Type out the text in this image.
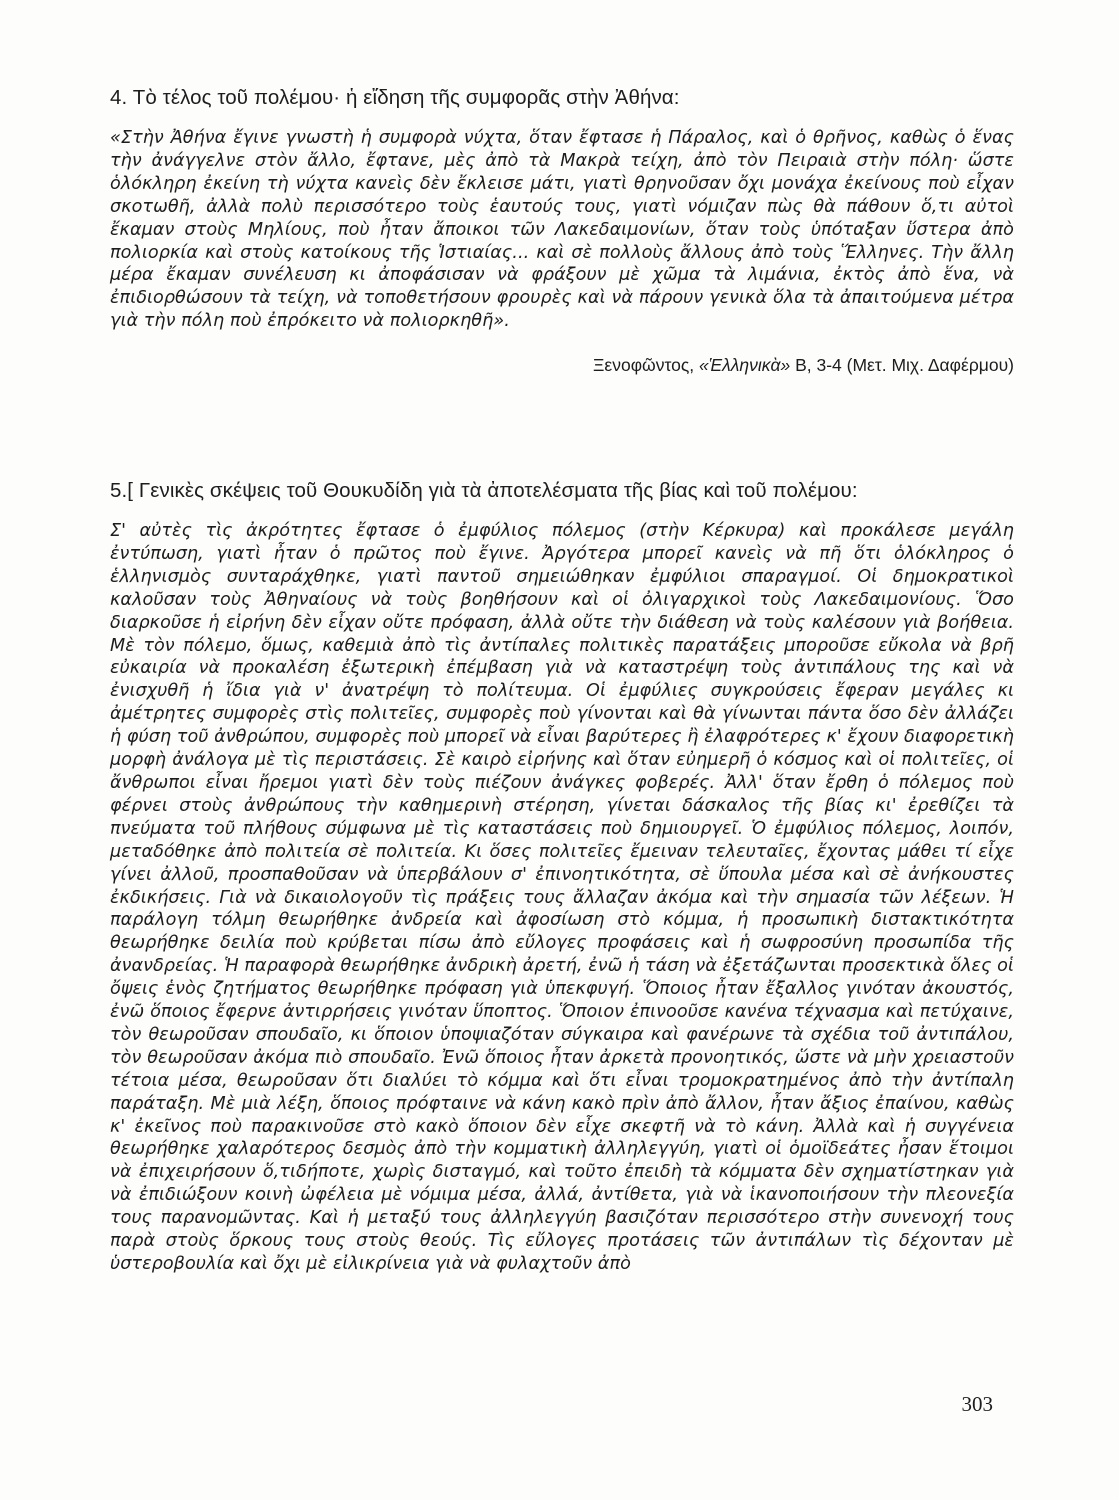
4. Τὸ τέλος τοῦ πολέμου· ἡ εἴδηση τῆς συμφορᾶς στὴν Ἀθήνα:

«Στὴν Ἀθήνα ἔγινε γνωστὴ ἡ συμφορὰ νύχτα, ὅταν ἔφτασε ἡ Πάραλος, καὶ ὁ θρῆνος, καθὼς ὁ ἕνας τὴν ἀνάγγελνε στὸν ἄλλο, ἔφτανε, μὲς ἀπὸ τὰ Μακρὰ τείχη, ἀπὸ τὸν Πειραιὰ στὴν πόλη· ὥστε ὁλόκληρη ἐκείνη τὴ νύχτα κανεὶς δὲν ἔκλεισε μάτι, γιατὶ θρηνοῦσαν ὄχι μονάχα ἐκείνους ποὺ εἶχαν σκοτωθῆ, ἀλλὰ πολὺ περισσότερο τοὺς ἑαυτούς τους, γιατὶ νόμιζαν πὼς θὰ πάθουν ὅ,τι αὐτοὶ ἔκαμαν στοὺς Μηλίους, ποὺ ἦταν ἄποικοι τῶν Λακεδαιμονίων, ὅταν τοὺς ὑπόταξαν ὕστερα ἀπὸ πολιορκία καὶ στοὺς κατοίκους τῆς Ἱστιαίας... καὶ σὲ πολλοὺς ἄλλους ἀπὸ τοὺς Ἕλληνες. Τὴν ἄλλη μέρα ἔκαμαν συνέλευση κι ἀποφάσισαν νὰ φράξουν μὲ χῶμα τὰ λιμάνια, ἐκτὸς ἀπὸ ἕνα, νὰ ἐπιδιορθώσουν τὰ τείχη, νὰ τοποθετήσουν φρουρὲς καὶ νὰ πάρουν γενικὰ ὅλα τὰ ἀπαιτούμενα μέτρα γιὰ τὴν πόλη ποὺ ἐπρόκειτο νὰ πολιορκηθῆ».

Ξενοφῶντος, «Ἑλληνικὰ» Β, 3-4 (Μετ. Μιχ. Δαφέρμου)
5.[ Γενικὲς σκέψεις τοῦ Θουκυδίδη γιὰ τὰ ἀποτελέσματα τῆς βίας καὶ τοῦ πολέμου:

Σ' αὐτὲς τὶς ἀκρότητες ἔφτασε ὁ ἐμφύλιος πόλεμος (στὴν Κέρκυρα) καὶ προκάλεσε μεγάλη ἐντύπωση, γιατὶ ἦταν ὁ πρῶτος ποὺ ἔγινε. Ἀργότερα μπορεῖ κανεὶς νὰ πῆ ὅτι ὁλόκληρος ὁ ἑλληνισμὸς συνταράχθηκε, γιατὶ παντοῦ σημειώθηκαν ἐμφύλιοι σπαραγμοί. Οἱ δημοκρατικοὶ καλοῦσαν τοὺς Ἀθηναίους νὰ τοὺς βοηθήσουν καὶ οἱ ὀλιγαρχικοὶ τοὺς Λακεδαιμονίους. Ὅσο διαρκοῦσε ἡ εἰρήνη δὲν εἶχαν οὔτε πρόφαση, ἀλλὰ οὔτε τὴν διάθεση νὰ τοὺς καλέσουν γιὰ βοήθεια. Μὲ τὸν πόλεμο, ὅμως, καθεμιὰ ἀπὸ τὶς ἀντίπαλες πολιτικὲς παρατάξεις μποροῦσε εὔκολα νὰ βρῆ εὐκαιρία νὰ προκαλέση ἐξωτερικὴ ἐπέμβαση γιὰ νὰ καταστρέψη τοὺς ἀντιπάλους της καὶ νὰ ἐνισχυθῆ ἡ ἴδια γιὰ ν' ἀνατρέψη τὸ πολίτευμα. Οἱ ἐμφύλιες συγκρούσεις ἔφεραν μεγάλες κι ἀμέτρητες συμφορὲς στὶς πολιτεῖες, συμφορὲς ποὺ γίνονται καὶ θὰ γίνωνται πάντα ὅσο δὲν ἀλλάζει ἡ φύση τοῦ ἀνθρώπου, συμφορὲς ποὺ μπορεῖ νὰ εἶναι βαρύτερες ἢ ἐλαφρότερες κ' ἔχουν διαφορετικὴ μορφὴ ἀνάλογα μὲ τὶς περιστάσεις. Σὲ καιρὸ εἰρήνης καὶ ὅταν εὐημερῆ ὁ κόσμος καὶ οἱ πολιτεῖες, οἱ ἄνθρωποι εἶναι ἤρεμοι γιατὶ δὲν τοὺς πιέζουν ἀνάγκες φοβερές. Ἀλλ' ὅταν ἔρθη ὁ πόλεμος ποὺ φέρνει στοὺς ἀνθρώπους τὴν καθημερινὴ στέρηση, γίνεται δάσκαλος τῆς βίας κι' ἐρεθίζει τὰ πνεύματα τοῦ πλήθους σύμφωνα μὲ τὶς καταστάσεις ποὺ δημιουργεῖ. Ὁ ἐμφύλιος πόλεμος, λοιπόν, μεταδόθηκε ἀπὸ πολιτεία σὲ πολιτεία. Κι ὅσες πολιτεῖες ἔμειναν τελευταῖες, ἔχοντας μάθει τί εἶχε γίνει ἀλλοῦ, προσπαθοῦσαν νὰ ὑπερβάλουν σ' ἐπινοητικότητα, σὲ ὕπουλα μέσα καὶ σὲ ἀνήκουστες ἐκδικήσεις. Γιὰ νὰ δικαιολογοῦν τὶς πράξεις τους ἄλλαζαν ἀκόμα καὶ τὴν σημασία τῶν λέξεων. Ἡ παράλογη τόλμη θεωρήθηκε ἀνδρεία καὶ ἀφοσίωση στὸ κόμμα, ἡ προσωπικὴ διστακτικότητα θεωρήθηκε δειλία ποὺ κρύβεται πίσω ἀπὸ εὔλογες προφάσεις καὶ ἡ σωφροσύνη προσωπίδα τῆς ἀνανδρείας. Ἡ παραφορὰ θεωρήθηκε ἀνδρικὴ ἀρετή, ἐνῶ ἡ τάση νὰ ἐξετάζωνται προσεκτικὰ ὅλες οἱ ὄψεις ἑνὸς ζητήματος θεωρήθηκε πρόφαση γιὰ ὑπεκφυγή. Ὅποιος ἦταν ἔξαλλος γινόταν ἀκουστός, ἐνῶ ὅποιος ἔφερνε ἀντιρρήσεις γινόταν ὕποπτος. Ὅποιον ἐπινοοῦσε κανένα τέχνασμα καὶ πετύχαινε, τὸν θεωροῦσαν σπουδαῖο, κι ὅποιον ὑποψιαζόταν σύγκαιρα καὶ φανέρωνε τὰ σχέδια τοῦ ἀντιπάλου, τὸν θεωροῦσαν ἀκόμα πιὸ σπουδαῖο. Ἐνῶ ὅποιος ἦταν ἀρκετὰ προνοητικός, ὥστε νὰ μὴν χρειαστοῦν τέτοια μέσα, θεωροῦσαν ὅτι διαλύει τὸ κόμμα καὶ ὅτι εἶναι τρομοκρατημένος ἀπὸ τὴν ἀντίπαλη παράταξη. Μὲ μιὰ λέξη, ὅποιος πρόφταινε νὰ κάνη κακὸ πρὶν ἀπὸ ἄλλον, ἦταν ἄξιος ἐπαίνου, καθὼς κ' ἐκεῖνος ποὺ παρακινοῦσε στὸ κακὸ ὅποιον δὲν εἶχε σκεφτῆ νὰ τὸ κάνη. Ἀλλὰ καὶ ἡ συγγένεια θεωρήθηκε χαλαρότερος δεσμὸς ἀπὸ τὴν κομματικὴ ἀλληλεγγύη, γιατὶ οἱ ὁμοϊδεάτες ἦσαν ἕτοιμοι νὰ ἐπιχειρήσουν ὅ,τιδήποτε, χωρὶς δισταγμό, καὶ τοῦτο ἐπειδὴ τὰ κόμματα δὲν σχηματίστηκαν γιὰ νὰ ἐπιδιώξουν κοινὴ ὠφέλεια μὲ νόμιμα μέσα, ἀλλά, ἀντίθετα, γιὰ νὰ ἱκανοποιήσουν τὴν πλεονεξία τους παρανομῶντας. Καὶ ἡ μεταξύ τους ἀλληλεγγύη βασιζόταν περισσότερο στὴν συνενοχή τους παρὰ στοὺς ὅρκους τους στοὺς θεούς. Τὶς εὔλογες προτάσεις τῶν ἀντιπάλων τὶς δέχονταν μὲ ὑστεροβουλία καὶ ὄχι μὲ εἰλικρίνεια γιὰ νὰ φυλαχτοῦν ἀπὸ

303
